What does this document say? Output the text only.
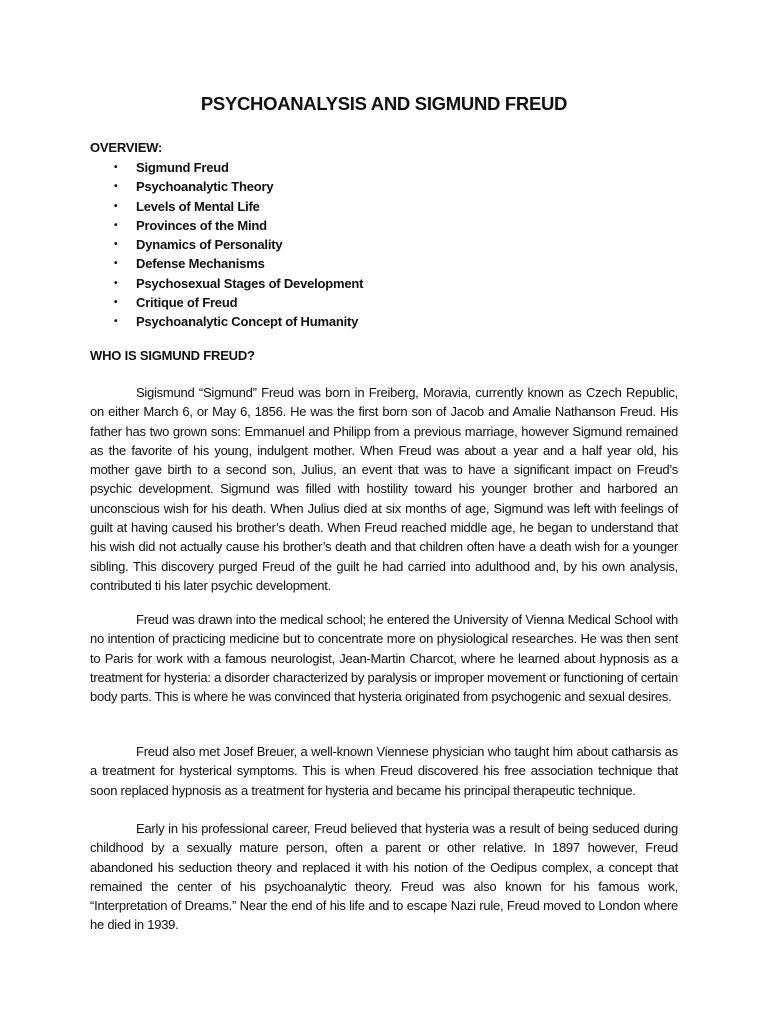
PSYCHOANALYSIS AND SIGMUND FREUD

OVERVIEW:

• Sigmund Freud
• Psychoanalytic Theory
• Levels of Mental Life
• Provinces of the Mind
• Dynamics of Personality
• Defense Mechanisms
• Psychosexual Stages of Development
• Critique of Freud
• Psychoanalytic Concept of Humanity

WHO IS SIGMUND FREUD?

Sigismund “Sigmund” Freud was born in Freiberg, Moravia, currently known as Czech Republic, on either March 6, or May 6, 1856. He was the first born son of Jacob and Amalie Nathanson Freud. His father has two grown sons: Emmanuel and Philipp from a previous marriage, however Sigmund remained as the favorite of his young, indulgent mother. When Freud was about a year and a half year old, his mother gave birth to a second son, Julius, an event that was to have a significant impact on Freud’s psychic development. Sigmund was filled with hostility toward his younger brother and harbored an unconscious wish for his death. When Julius died at six months of age, Sigmund was left with feelings of guilt at having caused his brother’s death. When Freud reached middle age, he began to understand that his wish did not actually cause his brother’s death and that children often have a death wish for a younger sibling. This discovery purged Freud of the guilt he had carried into adulthood and, by his own analysis, contributed ti his later psychic development.

Freud was drawn into the medical school; he entered the University of Vienna Medical School with no intention of practicing medicine but to concentrate more on physiological researches. He was then sent to Paris for work with a famous neurologist, Jean-Martin Charcot, where he learned about hypnosis as a treatment for hysteria: a disorder characterized by paralysis or improper movement or functioning of certain body parts. This is where he was convinced that hysteria originated from psychogenic and sexual desires.

Freud also met Josef Breuer, a well-known Viennese physician who taught him about catharsis as a treatment for hysterical symptoms. This is when Freud discovered his free association technique that soon replaced hypnosis as a treatment for hysteria and became his principal therapeutic technique.

Early in his professional career, Freud believed that hysteria was a result of being seduced during childhood by a sexually mature person, often a parent or other relative. In 1897 however, Freud abandoned his seduction theory and replaced it with his notion of the Oedipus complex, a concept that remained the center of his psychoanalytic theory. Freud was also known for his famous work, “Interpretation of Dreams.” Near the end of his life and to escape Nazi rule, Freud moved to London where he died in 1939.
